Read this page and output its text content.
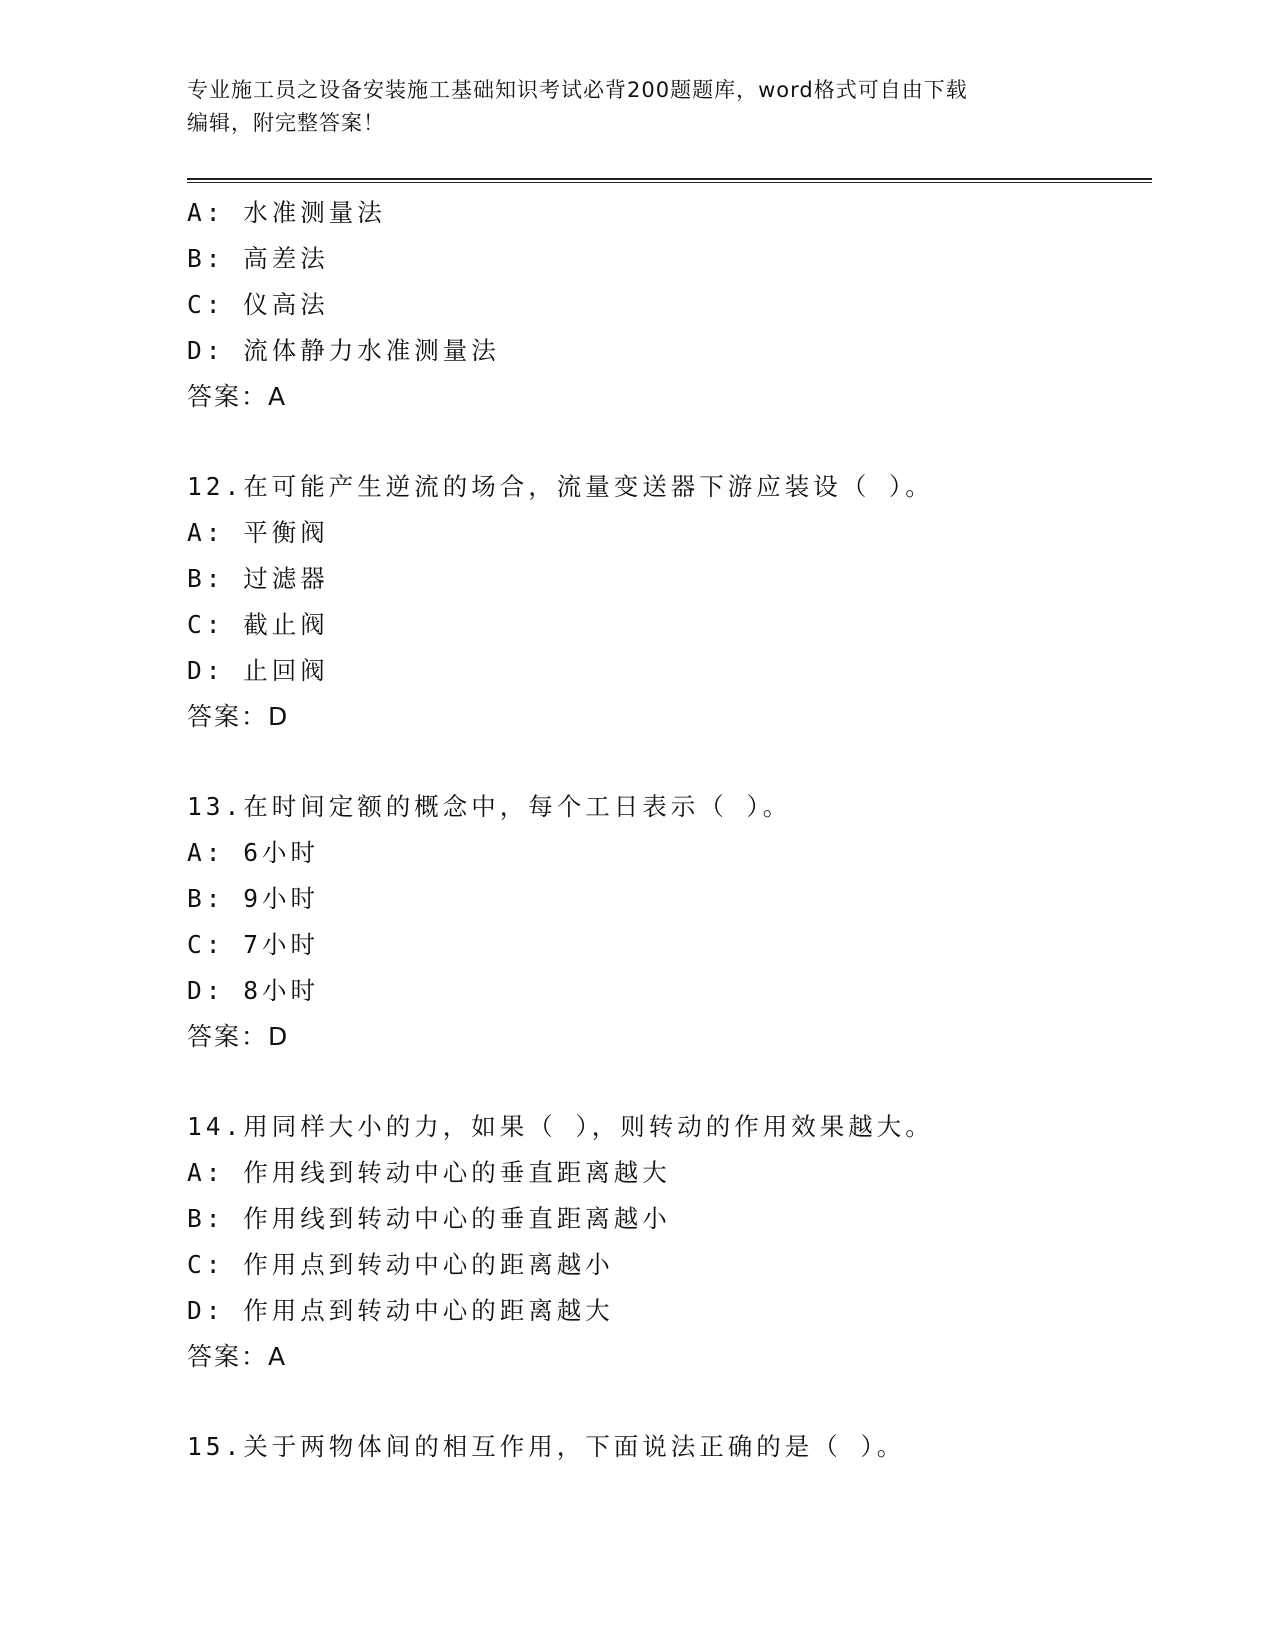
专业施工员之设备安装施工基础知识考试必背200题题库，word格式可自由下载
编辑，附完整答案！
A: 水准测量法
B: 高差法
C: 仪高法
D: 流体静力水准测量法
答案：A
12.在可能产生逆流的场合，流量变送器下游应装设（ ）。
A: 平衡阀
B: 过滤器
C: 截止阀
D: 止回阀
答案：D
13.在时间定额的概念中，每个工日表示（ ）。
A: 6小时
B: 9小时
C: 7小时
D: 8小时
答案：D
14.用同样大小的力，如果（ ），则转动的作用效果越大。
A: 作用线到转动中心的垂直距离越大
B: 作用线到转动中心的垂直距离越小
C: 作用点到转动中心的距离越小
D: 作用点到转动中心的距离越大
答案：A
15.关于两物体间的相互作用，下面说法正确的是（ ）。
